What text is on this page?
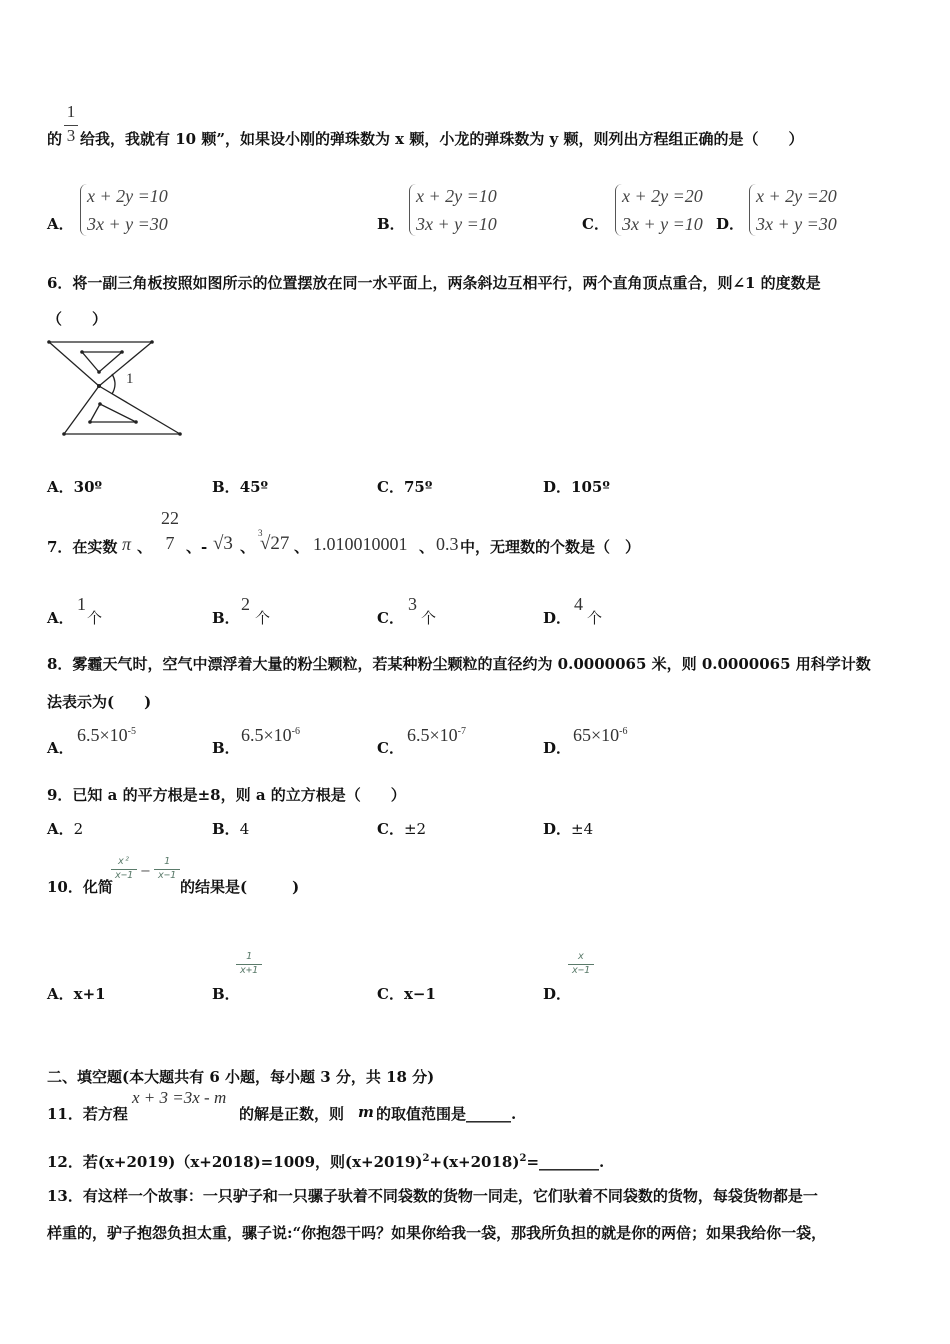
的 $\frac{1}{3}$ 给我，我就有 10 颗”，如果设小刚的弹珠数为 x 颗，小龙的弹珠数为 y 颗，则列出方程组正确的是（　　）
A．
x + 2y =10
3x + y =30	B．
x + 2y =10
3x + y =10	C．
x + 2y =20
3x + y =10 D．
x + 2y =20
3x + y =30
6．将一副三角板按照如图所示的位置摆放在同一水平面上，两条斜边互相平行，两个直角顶点重合，则∠1 的度数是
（　　）
1
A．30º	B．45º	C．75º	D．105º
7．在实数 π 、
22
7 、- √3 、
3
√27 、 1.010010001 、 0.3 中，无理数的个数是（　）
A．
1
个	B．
2
个	C．
3
个	D．
4
个
8．雾霾天气时，空气中漂浮着大量的粉尘颗粒，若某种粉尘颗粒的直径约为 0.0000065 米，则 0.0000065 用科学计数
法表示为(　　)
A．
$6.5\times 10^{-5}$
B．
$6.5\times 10^{-6}$
C．
$6.5\times 10^{-7}$
D．
$65\times 10^{-6}$
9．已知 a 的平方根是±8，则 a 的立方根是（　　）
A．2	B．4	C．±2	D．±4
10．化简
$\frac{\text{x²}}{x-1} - \frac{1}{x-1}$
的结果是(　　　)
A．x+1	B．
$\frac{1}{x+1}$
C．x−1	D．
$\frac{x}{x-1}$
二、填空题(本大题共有 6 小题，每小题 3 分，共 18 分)
11．若方程
x + 3 =3x - m
的解是正数，则 m 的取值范围是______.
12．若(x+2019)（x+2018)=1009，则$(x+2019)^2+(x+2018)^2=\_\_\_\_\_\_\_\_$.
13．有这样一个故事：一只驴子和一只骡子驮着不同袋数的货物一同走，它们驮着不同袋数的货物，每袋货物都是一
样重的，驴子抱怨负担太重，骡子说:“你抱怨干吗？如果你给我一袋，那我所负担的就是你的两倍；如果我给你一袋，
